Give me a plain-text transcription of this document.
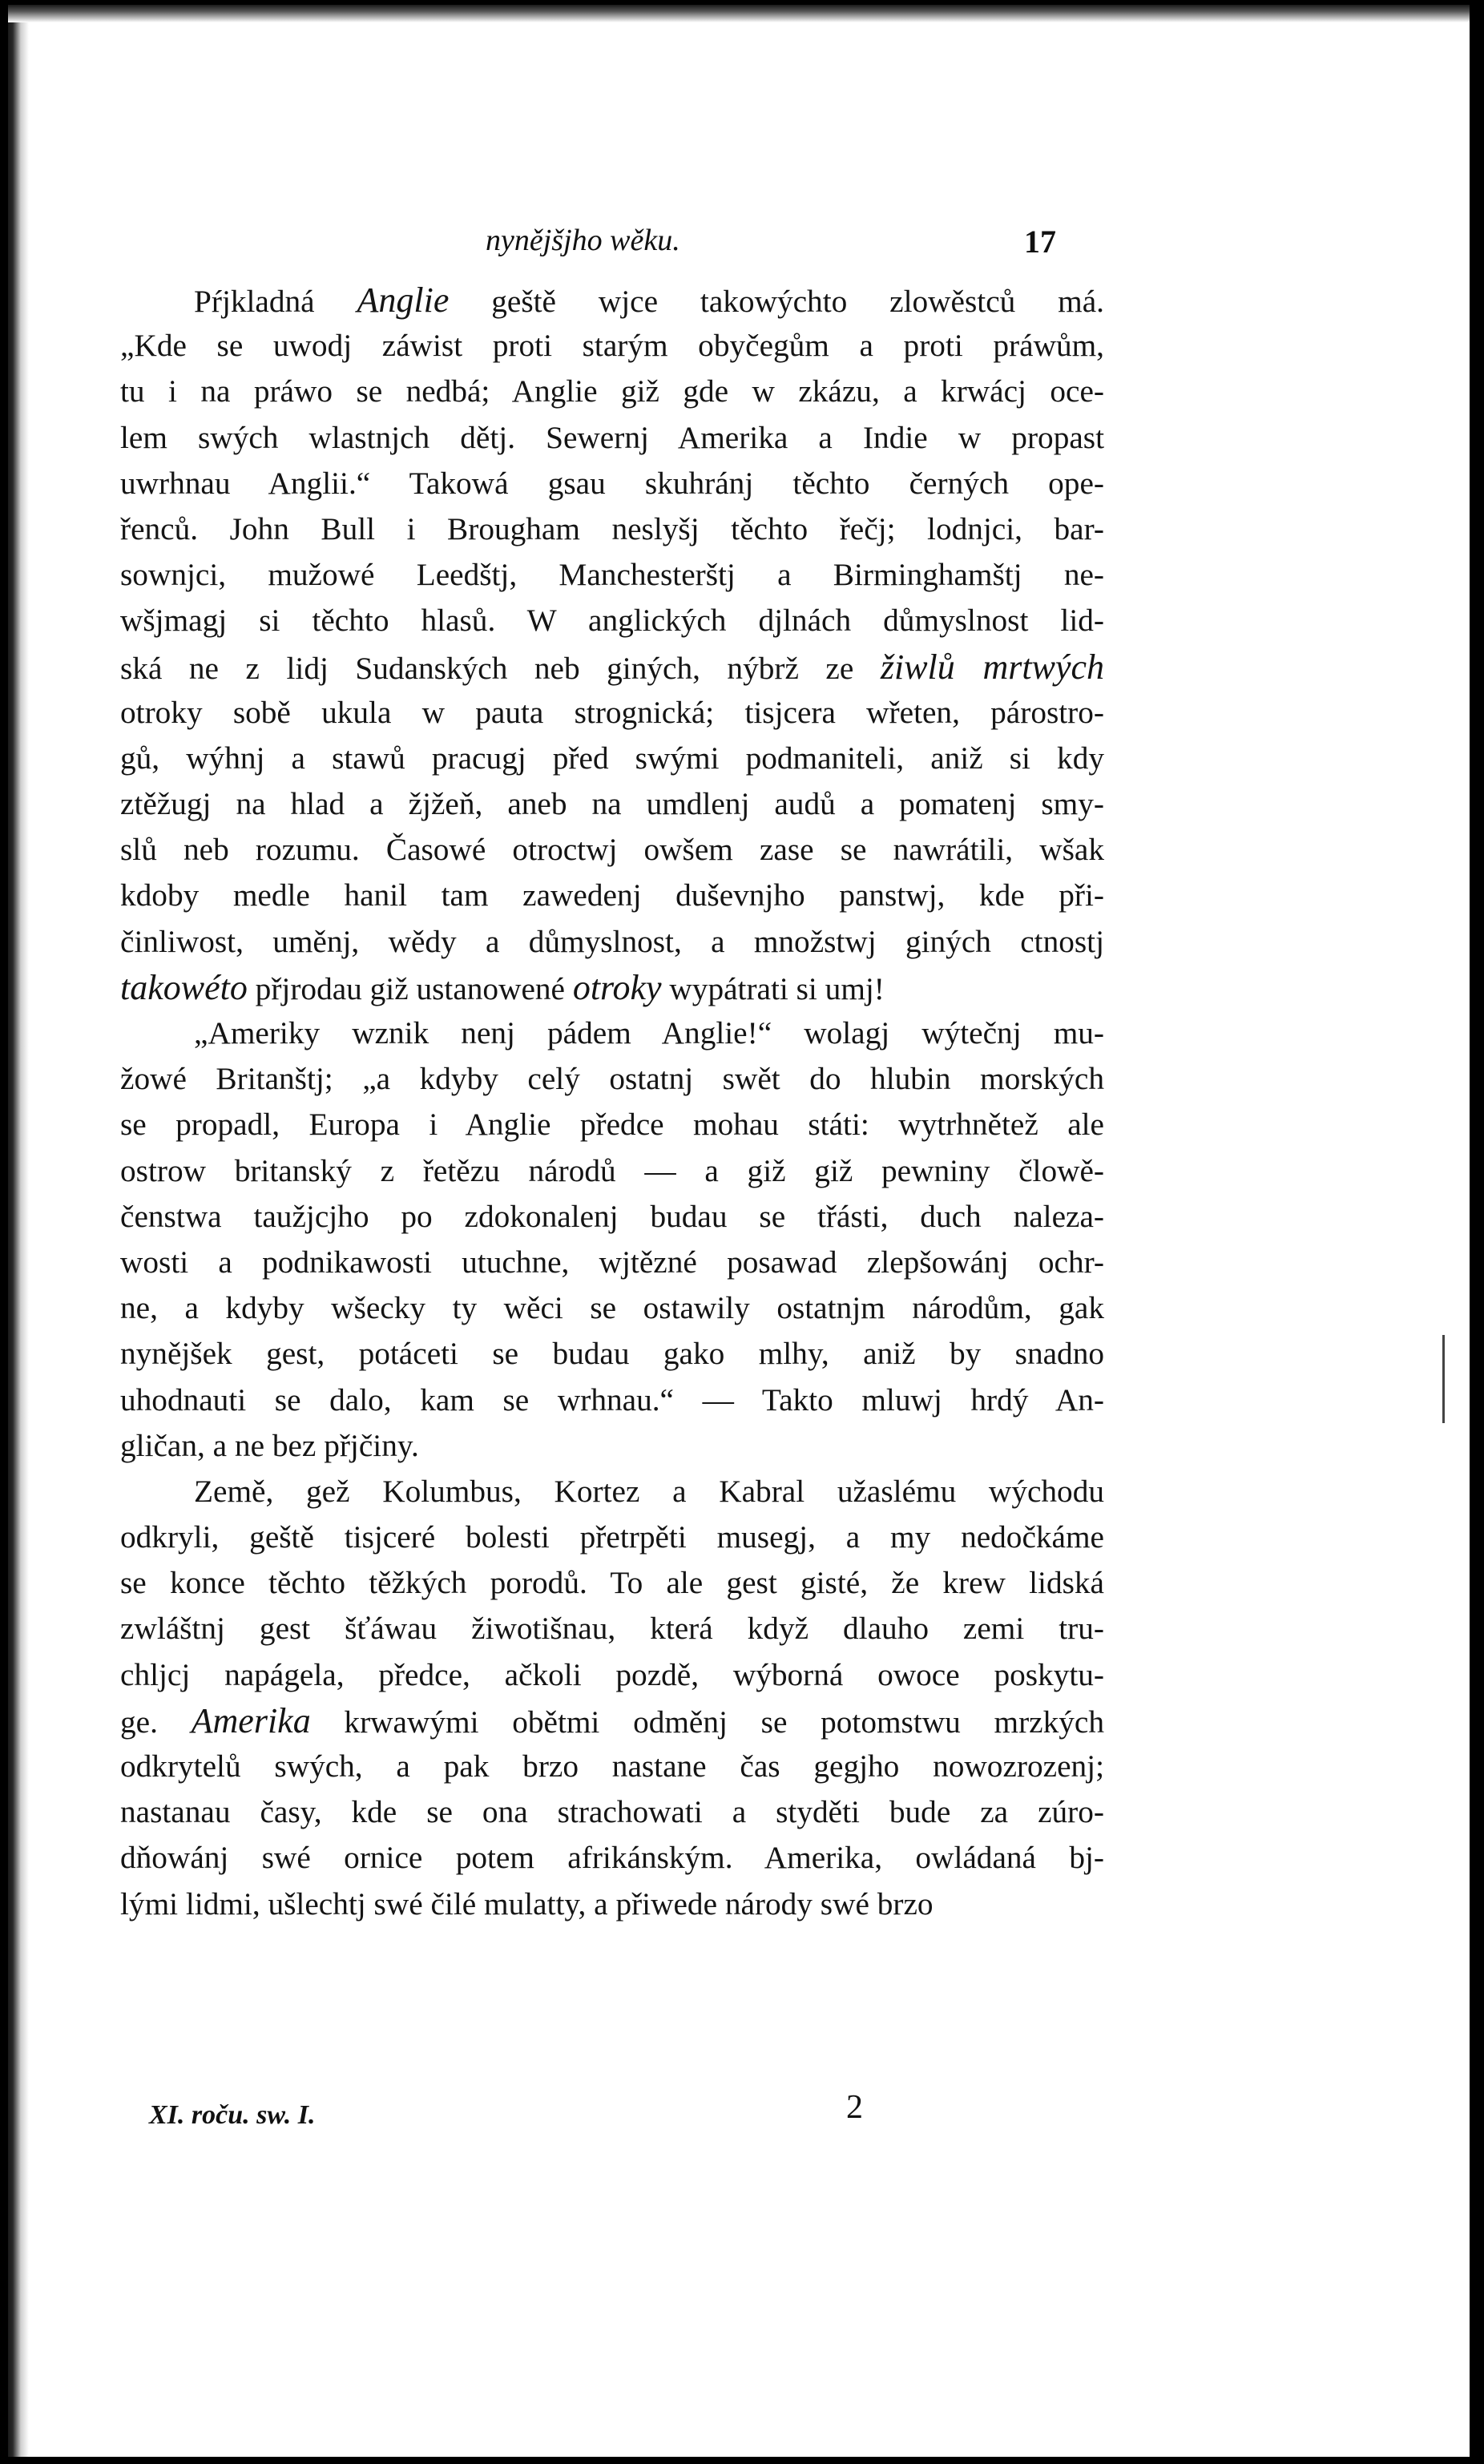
nynějšjho wěku.	17
Pŕjkladná Anglie geště wjce takowýchto zlowěstců má.
„Kde se uwodj záwist proti starým obyčegům a proti práwům,
tu i na práwo se nedbá; Anglie giž gde w zkázu, a krwácj oce-
lem swých wlastnjch dětj. Sewernj Amerika a Indie w propast
uwrhnau Anglii.“ Takowá gsau skuhránj těchto černých ope-
řenců. John Bull i Brougham neslyšj těchto řečj; lodnjci, bar-
sownjci, mužowé Leedštj, Manchesterštj a Birminghamštj ne-
wšjmagj si těchto hlasů. W anglických djlnách důmyslnost lid-
ská ne z lidj Sudanských neb giných, nýbrž ze žiwlů mrtwých
otroky sobě ukula w pauta strognická; tisjcera wřeten, párostro-
gů, wýhnj a stawů pracugj před swými podmaniteli, aniž si kdy
ztěžugj na hlad a žjžeň, aneb na umdlenj audů a pomatenj smy-
slů neb rozumu. Časowé otroctwj owšem zase se nawrátili, wšak
kdoby medle hanil tam zawedenj duševnjho panstwj, kde při-
činliwost, uměnj, wědy a důmyslnost, a množstwj giných ctnostj
takowéto přjrodau giž ustanowené otroky wypátrati si umj!
„Ameriky wznik nenj pádem Anglie!“ wolagj wýtečnj mu-
žowé Britanštj; „a kdyby celý ostatnj swět do hlubin morských
se propadl, Europa i Anglie předce mohau státi: wytrhnětež ale
ostrow britanský z řetězu národů — a giž giž pewniny člowě-
čenstwa taužjcjho po zdokonalenj budau se třásti, duch naleza-
wosti a podnikawosti utuchne, wjtězné posawad zlepšowánj ochr-
ne, a kdyby wšecky ty wěci se ostawily ostatnjm národům, gak
nynějšek gest, potáceti se budau gako mlhy, aniž by snadno
uhodnauti se dalo, kam se wrhnau.“ — Takto mluwj hrdý An-
gličan, a ne bez přjčiny.
Země, gež Kolumbus, Kortez a Kabral užaslému wýchodu
odkryli, geště tisjceré bolesti přetrpěti musegj, a my nedočkáme
se konce těchto těžkých porodů. To ale gest gisté, že krew lidská
zwláštnj gest šťáwau žiwotišnau, která když dlauho zemi tru-
chljcj napágela, předce, ačkoli pozdě, wýborná owoce poskytu-
ge. Amerika krwawými obětmi odměnj se potomstwu mrzkých
odkrytelů swých, a pak brzo nastane čas gegjho nowozrozenj;
nastanau časy, kde se ona strachowati a styděti bude za zúro-
dňowánj swé ornice potem afrikánským. Amerika, owládaná bj-
lými lidmi, ušlechtj swé čilé mulatty, a přiwede národy swé brzo
XI. roču. sw. I.	2
